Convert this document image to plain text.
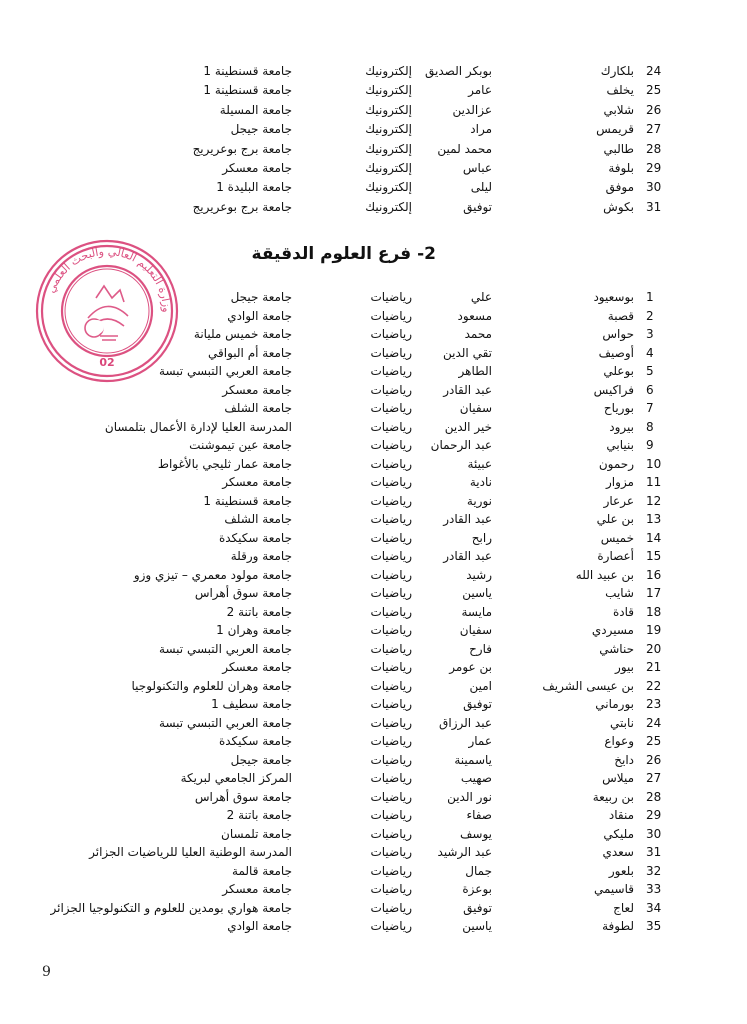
24
بلكارك
بوبكر الصديق
إلكترونيك
جامعة قسنطينة 1
25
يخلف
عامر
إلكترونيك
جامعة قسنطينة 1
26
شلابي
عزالدين
إلكترونيك
جامعة المسيلة
27
قريمس
مراد
إلكترونيك
جامعة جيجل
28
طالبي
محمد لمين
إلكترونيك
جامعة برج بوعريريج
29
بلوفة
عباس
إلكترونيك
جامعة معسكر
30
موفق
ليلى
إلكترونيك
جامعة البليدة 1
31
بكوش
توفيق
إلكترونيك
جامعة برج بوعريريج
2- فرع العلوم الدقيقة
وزارة التعليم العالي والبحث العلمي
02
1
بوسعيود
علي
رياضيات
جامعة جيجل
2
قصبة
مسعود
رياضيات
جامعة الوادي
3
حواس
محمد
رياضيات
جامعة خميس مليانة
4
أوصيف
تقي الدين
رياضيات
جامعة أم البواقي
5
بوعلي
الطاهر
رياضيات
جامعة العربي التبسي تبسة
6
فراكيس
عبد القادر
رياضيات
جامعة معسكر
7
بورياح
سفيان
رياضيات
جامعة الشلف
8
بيرود
خير الدين
رياضيات
المدرسة العليا لإدارة الأعمال بتلمسان
9
بنيابي
عبد الرحمان
رياضيات
جامعة عين تيموشنت
10
رحمون
عبيئة
رياضيات
جامعة عمار ثليجي بالأغواط
11
مزوار
نادية
رياضيات
جامعة معسكر
12
عرعار
نورية
رياضيات
جامعة قسنطينة 1
13
بن علي
عبد القادر
رياضيات
جامعة الشلف
14
خميس
رابح
رياضيات
جامعة سكيكدة
15
أعصارة
عبد القادر
رياضيات
جامعة ورقلة
16
بن عبيد الله
رشيد
رياضيات
جامعة مولود معمري – تيزي وزو
17
شايب
ياسين
رياضيات
جامعة سوق أهراس
18
قادة
مايسة
رياضيات
جامعة باتنة 2
19
مسيردي
سفيان
رياضيات
جامعة وهران 1
20
حناشي
فارح
رياضيات
جامعة العربي التبسي تبسة
21
بيور
بن عومر
رياضيات
جامعة معسكر
22
بن عيسى الشريف
امين
رياضيات
جامعة وهران للعلوم والتكنولوجيا
23
بورماني
توفيق
رياضيات
جامعة سطيف 1
24
نابتي
عبد الرزاق
رياضيات
جامعة العربي التبسي تبسة
25
وعواع
عمار
رياضيات
جامعة سكيكدة
26
دايخ
ياسمينة
رياضيات
جامعة جيجل
27
ميلاس
صهيب
رياضيات
المركز الجامعي لبريكة
28
بن ربيعة
نور الدين
رياضيات
جامعة سوق أهراس
29
منقاد
صفاء
رياضيات
جامعة باتنة 2
30
مليكي
يوسف
رياضيات
جامعة تلمسان
31
سعدي
عبد الرشيد
رياضيات
المدرسة الوطنية العليا للرياضيات الجزائر
32
بلعور
جمال
رياضيات
جامعة قالمة
33
قاسيمي
بوعزة
رياضيات
جامعة معسكر
34
لعاج
توفيق
رياضيات
جامعة هواري بومدين للعلوم و التكنولوجيا الجزائر
35
لطوفة
ياسين
رياضيات
جامعة الوادي
9
